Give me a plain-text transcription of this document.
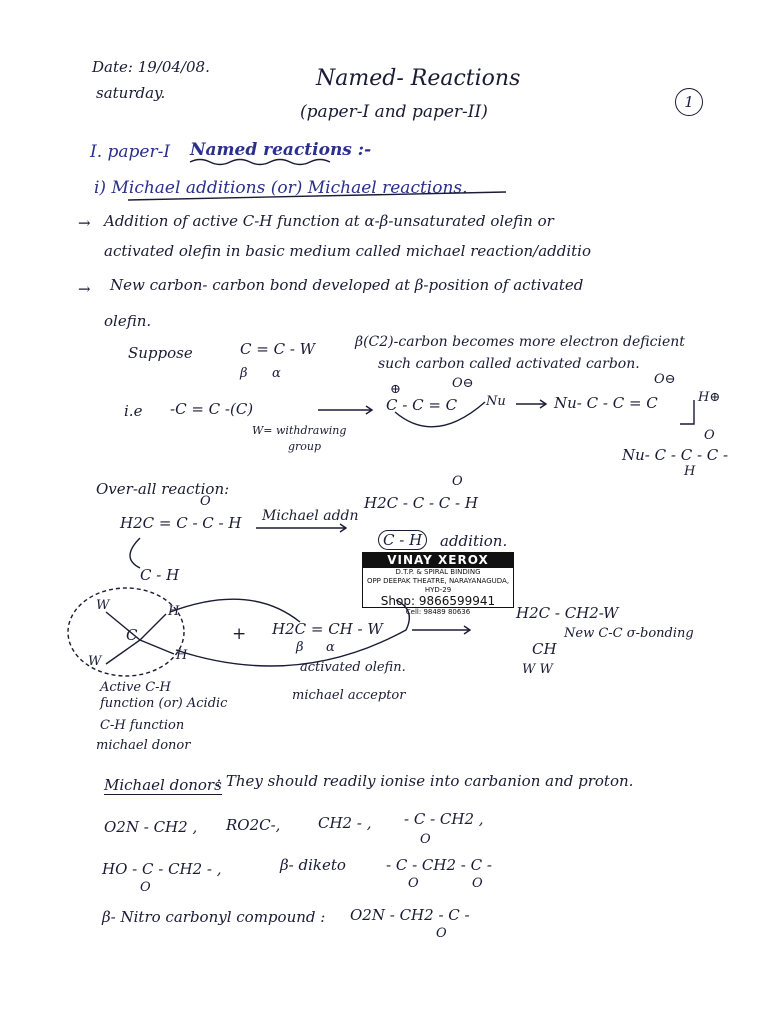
Date: 19/04/08.
saturday.
Named- Reactions
(paper-I and paper-II)	1
I. paper-I Named reactions :-
i) Michael additions (or) Michael reactions.
→ Addition of active C-H function at α-β-unsaturated olefin or
activated olefin in basic medium called michael reaction/additio
→ New carbon- carbon bond developed at β-position of activated
olefin.
Suppose	C = C - W
β α
β(C2)-carbon becomes more electron deficient
such carbon called activated carbon.
i.e -C = C -(C)
W= withdrawing
group
C - C = C
O⊖
⊕
Nu	Nu- C - C = C
O⊖
H⊕
Nu- C - C - C -
H
O
Over-all reaction:
H2C = C - C - H
O
C - H
Michael addn
H2C - C - C - H
O
C - H	addition.
VINAY XEROX
D.T.P. & SPIRAL BINDING
OPP DEEPAK THEATRE, NARAYANAGUDA, HYD-29
Shop: 9866599941
Cell: 98489 80636
W
W
H
H
C
Active C-H
function (or) Acidic
C-H function
michael donor
+ H2C = CH - W
β α
activated olefin.
michael acceptor
H2C - CH2-W
New C-C σ-bonding
CH
W W
Michael donors
: They should readily ionise into carbanion and proton.
O2N - CH2 , RO2C-,	CH2 - , - C - CH2 ,
O
HO - C - CH2 - ,
O
β- diketo	- C - CH2 - C -
O	O
β- Nitro carbonyl compound : O2N - CH2 - C -
O
